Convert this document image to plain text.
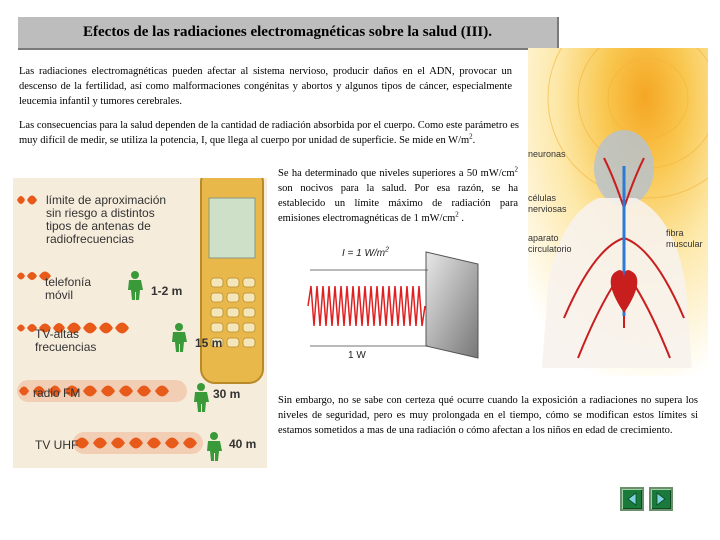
Efectos de las radiaciones electromagnéticas sobre la salud (III).
Las radiaciones electromagnéticas pueden afectar al sistema nervioso, producir daños en el ADN, provocar un descenso de la fertilidad, así como malformaciones congénitas y abortos y algunos tipos de cáncer, especialmente leucemia infantil y tumores cerebrales.
Las consecuencias para la salud dependen de la cantidad de radiación absorbida por el cuerpo. Como este parámetro es muy difícil de medir, se utiliza la potencia, I, que llega al cuerpo por unidad de superficie. Se mide en $W/m^2$.
Se ha determinado que niveles superiores a 50 $mW/cm^2$ son nocivos para la salud. Por esa razón, se ha establecido un límite máximo de radiación para emisiones electromagnéticas de 1 $mW/cm^2$ .
Sin embargo, no se sabe con certeza qué ocurre cuando la exposición a radiaciones no supera los niveles de seguridad, pero es muy prolongada en el tiempo, cómo se modifican estos límites si estamos sometidos a mas de una radiación o cómo afectan a los niños en edad de crecimiento.
límite de aproximación
sin riesgo a distintos
tipos de antenas de
radiofrecuencias
telefonía
móvil	1-2 m
TV-altas
frecuencias	15 m
radio FM	30 m
TV UHF	40 m
I = 1 $W/m^2$
1 W
neuronas
células
nerviosas
aparato
circulatorio
fibra
muscular
